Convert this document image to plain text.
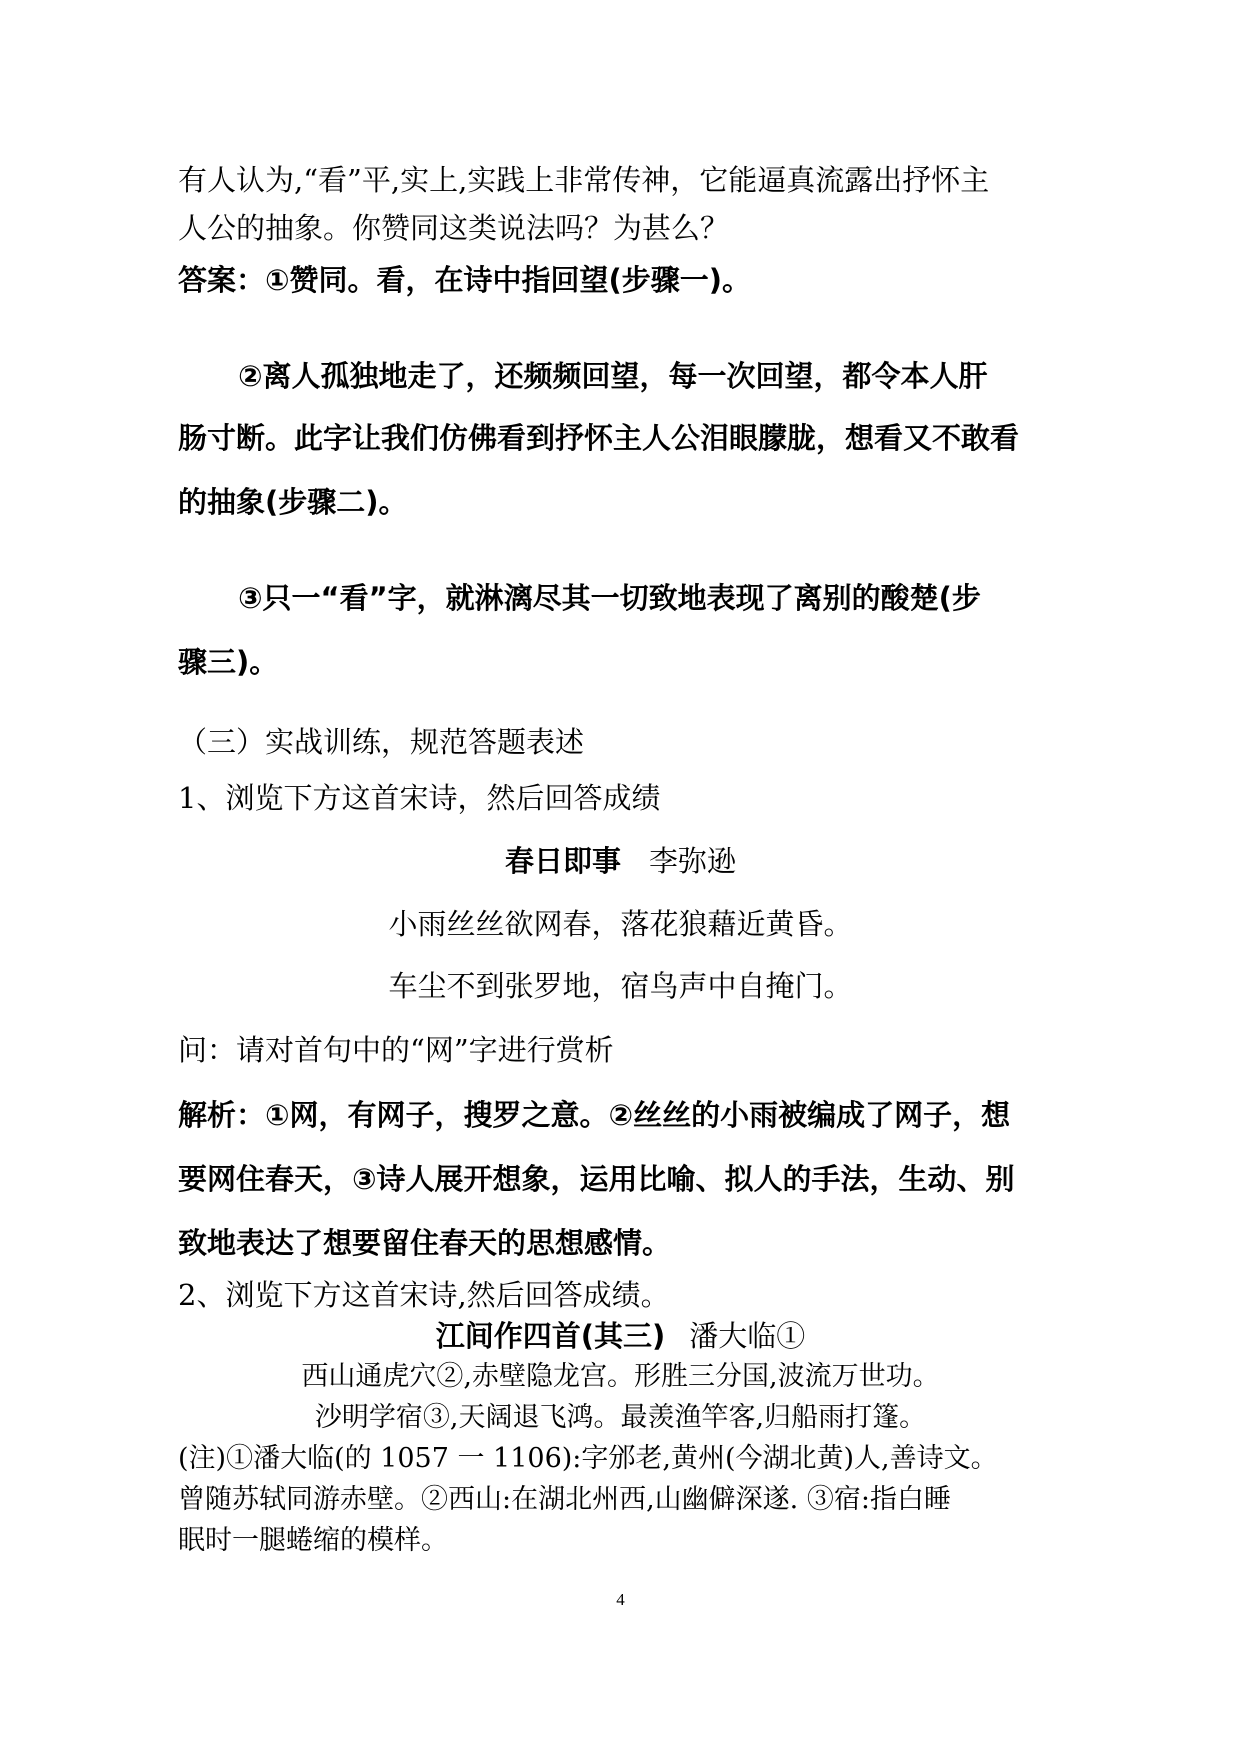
有人认为,“看”平,实上,实践上非常传神，它能逼真流露出抒怀主
人公的抽象。你赞同这类说法吗？为甚么？
答案：①赞同。看，在诗中指回望(步骤一)。
②离人孤独地走了，还频频回望，每一次回望，都令本人肝
肠寸断。此字让我们仿佛看到抒怀主人公泪眼朦胧，想看又不敢看
的抽象(步骤二)。
③只一“看”字，就淋漓尽其一切致地表现了离别的酸楚(步
骤三)。
（三）实战训练，规范答题表述
1、浏览下方这首宋诗，然后回答成绩
春日即事 李弥逊
小雨丝丝欲网春，落花狼藉近黄昏。
车尘不到张罗地，宿鸟声中自掩门。
问：请对首句中的“网”字进行赏析
解析：①网，有网子，搜罗之意。②丝丝的小雨被编成了网子，想
要网住春天，③诗人展开想象，运用比喻、拟人的手法，生动、别
致地表达了想要留住春天的思想感情。
2、浏览下方这首宋诗,然后回答成绩。
江间作四首(其三) 潘大临①
西山通虎穴②,赤壁隐龙宫。形胜三分国,波流万世功。
沙明学宿③,天阔退飞鸿。最羡渔竿客,归船雨打篷。
(注)①潘大临(的 1057 一 1106):字邠老,黄州(今湖北黄)人,善诗文。
曾随苏轼同游赤壁。②西山:在湖北州西,山幽僻深遂. ③宿:指白睡
眠时一腿蜷缩的模样。
4
